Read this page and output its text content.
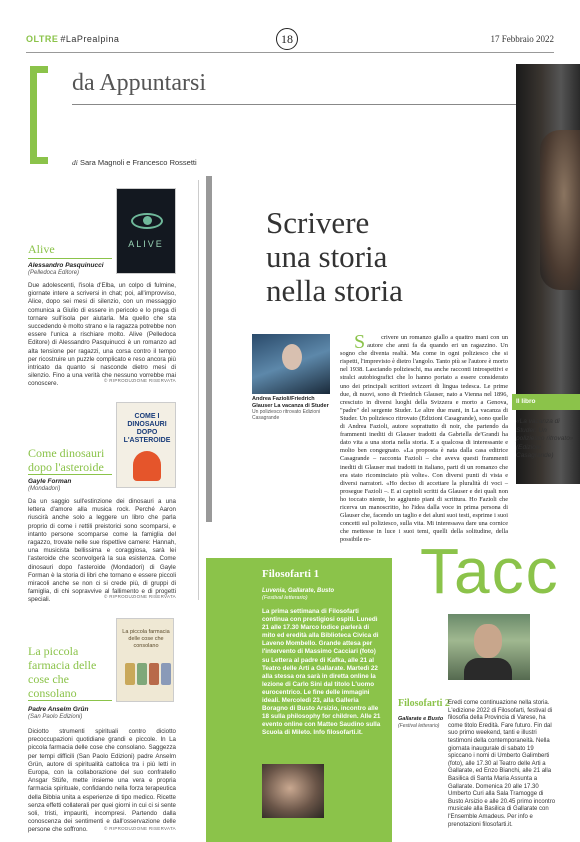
OLTRE #LaPrealpina	18	17 Febbraio 2022
da Appuntarsi
di Sara Magnoli e Francesco Rossetti
ALIVE
Alive
Alessandro Pasquinucci
(Pelledoca Editore)
Due adolescenti, l'isola d'Elba, un colpo di fulmine, giornate intere a scriversi in chat; poi, all'improvviso, Alice, dopo sei mesi di silenzio, con un messaggio comunica a Giulio di essere in pericolo e lo prega di tornare sull'isola per aiutarla. Ma quello che sta succedendo è molto strano e la ragazza potrebbe non essere l'unica a rischiare molto. Alive (Pelledoca Editore) di Alessandro Pasquinucci è un romanzo ad alta tensione per ragazzi, una corsa contro il tempo per ricostruire un puzzle complicato e reso ancora più intricato da quanto si nasconde dietro mesi di silenzio. Fino a una verità che nessuno vorrebbe mai conoscere.	© RIPRODUZIONE RISERVATA
COME I DINOSAURI DOPO L'ASTEROIDE
Come dinosauri dopo l'asteroide
Gayle Forman
(Mondadori)
Da un saggio sull'estinzione dei dinosauri a una lettera d'amore alla musica rock. Perché Aaron riuscirà anche solo a leggere un libro che parla proprio di come i rettili preistorici sono scomparsi, e intanto persone scomparse come la famiglia del ragazzo, trovate nelle sue rispettive camere: Hannah, una musicista bellissima e coraggiosa, sarà lei l'asteroide che sconvolgerà la sua esistenza. Come dinosauri dopo l'asteroide (Mondadori) di Gayle Forman è la storia di libri che tornano e essere piccoli miracoli anche se non ci si crede più, di gruppi di famiglia, di chi sopravvive al fallimento e di progetti speciali.	© RIPRODUZIONE RISERVATA
La piccola farmacia delle cose che consolano
La piccola farmacia delle cose che consolano
Padre Anselm Grün
(San Paolo Edizioni)
Diciotto strumenti spirituali contro diciotto precoccupazioni quotidiane grandi e piccole. In La piccola farmacia delle cose che consolano. Saggezza per tempi difficili (San Paolo Edizioni) padre Anselm Grün, autore di spiritualità cattolica tra i più letti in Europa, con la collaborazione del suo confratello Ansgar Stüfe, mette insieme una vera e propria farmacia spirituale, confidando nella forza terapeutica della Bibbia unita a esperienze di tipo medico. Ricette senza effetti collaterali per quei giorni in cui ci si sente soli, tristi, impauriti, incompresi. Partendo dalla conoscenza dei sentimenti e dall'osservazione delle persone che soffrono.	© RIPRODUZIONE RISERVATA
Scrivere
una storia
nella storia
Andrea Fazioli/Friedrich Glauser La vacanza di Studer
Un poliziesco ritrovato Edizioni Casagrande
S	crivere un romanzo giallo a quattro mani con un autore che anni fa da quando eri un ragazzino. Un sogno che diventa realtà. Ma come in ogni poliziesco che si rispetti, l'imprevisto è dietro l'angolo. Tanto più se l'autore è morto nel 1938. Lasciando polizieschi, ma anche racconti introspettivi e stralci autobiografici che lo hanno portato a essere considerato uno dei principali scrittori svizzeri di lingua tedesca. Le prime due, di nuovi, sono di Friedrich Glauser, nato a Vienna nel 1896, cresciuto in diversi luoghi della Svizzera e morto a Genova, "padre" del sergente Studer. Le altre due mani, in La vacanza di Studer. Un poliziesco ritrovato (Edizioni Casagrande), sono quelle di Andrea Fazioli, autore soprattutto di noir, che partendo da frammenti inediti di Glauser tradotti da Gabriella de'Grandi ha dato vita a una storia nella storia. E a qualcosa di interessante e molto ben congegnato. «La proposta è nata dalla casa editrice Casagrande – racconta Fazioli – che aveva questi frammenti inediti di Glauser mai tradotti in italiano, parti di un romanzo che era stato ricominciato più volte». Con diversi punti di vista e diversi narratori. «Ho deciso di accettare la pluralità di voci – prosegue Fazioli –. E ai capitoli scritti da Glauser e dei quali non ho toccato niente, ho aggiunto piani di scrittura. Ho Fazioli che ricerva un manoscritto, ho l'idea dalla voce in prima persona di Glauser che, facendo un taglio e dei aluni suoi testi, esprime i suoi concetti sul poliziesco, sulla vita. Mi interessava dare una cornice che mettesse in luce i suoi temi, quelli della solitudine, della possibile re-
Il libro
«La vacanza di Studer. Un poliziesco ritrovato» (Edizioni Casagrande)
Tacc
Filosofarti 1
Luvenia, Gallarate, Busto
(Festival letterario)
La prima settimana di Filosofarti continua con prestigiosi ospiti. Lunedì 21 alle 17.30 Marco Iodice parlerà di mito ed eredità alla Biblioteca Civica di Laveno Mombello. Grande attesa per l'intervento di Massimo Cacciari (foto) su Lettera al padre di Kafka, alle 21 al Teatro delle Arti a Gallarate. Martedì 22 alla stessa ora sarà in diretta online la lezione di Carlo Sini dal titolo L'uomo eurocentrico. Le fine delle immagini ideali. Mercoledì 23, alla Galleria Boragno di Busto Arsizio, incontro alle 18 sulla philosophy for children. Alle 21 evento online con Matteo Saudino sulla Scuola di Mileto. Info filosofarti.it.
Filosofarti 2
Gallarate e Busto
(Festival letterario)
Eredi come continuazione nella storia. L'edizione 2022 di Filosofarti, festival di filosofia della Provincia di Varese, ha come titolo Eredità. Fare futuro. Fin dal suo primo weekend, tanti e illustri testimoni della contemporaneità. Nella giornata inaugurale di sabato 19 spiccano i nomi di Umberto Galimberti (foto), alle 17.30 al Teatro delle Arti a Gallarate, ed Enzo Bianchi, alle 21 alla Basilica di Santa Maria Assunta a Gallarate. Domenica 20 alle 17.30 Umberto Curi alla Sala Tramogge di Busto Arsizio e alle 20.45 primo incontro musicale alla Basilica di Gallarate con l'Ensemble Amadeus. Per info e prenotazioni filosofarti.it.
